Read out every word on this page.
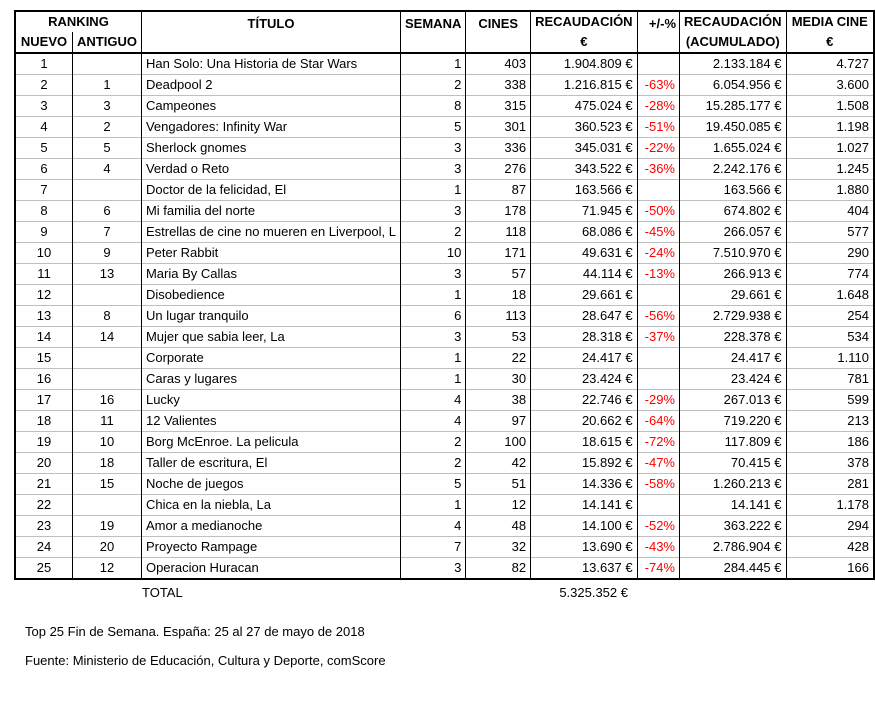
RANKING		TÍTULO	SEMANA	CINES	RECAUDACIÓN	+/-%	RECAUDACIÓN	MEDIA CINE
NUEVO	ANTIGUO				€		(ACUMULADO)	€
1		Han Solo: Una Historia de Star Wars	1	403	1.904.809 €		2.133.184 €	4.727
2	1	Deadpool 2	2	338	1.216.815 €	-63%	6.054.956 €	3.600
3	3	Campeones	8	315	475.024 €	-28%	15.285.177 €	1.508
4	2	Vengadores: Infinity War	5	301	360.523 €	-51%	19.450.085 €	1.198
5	5	Sherlock gnomes	3	336	345.031 €	-22%	1.655.024 €	1.027
6	4	Verdad o Reto	3	276	343.522 €	-36%	2.242.176 €	1.245
7		Doctor de la felicidad, El	1	87	163.566 €		163.566 €	1.880
8	6	Mi familia del norte	3	178	71.945 €	-50%	674.802 €	404
9	7	Estrellas de cine no mueren en Liverpool, L	2	118	68.086 €	-45%	266.057 €	577
10	9	Peter Rabbit	10	171	49.631 €	-24%	7.510.970 €	290
11	13	Maria By Callas	3	57	44.114 €	-13%	266.913 €	774
12		Disobedience	1	18	29.661 €		29.661 €	1.648
13	8	Un lugar tranquilo	6	113	28.647 €	-56%	2.729.938 €	254
14	14	Mujer que sabia leer, La	3	53	28.318 €	-37%	228.378 €	534
15		Corporate	1	22	24.417 €		24.417 €	1.110
16		Caras y lugares	1	30	23.424 €		23.424 €	781
17	16	Lucky	4	38	22.746 €	-29%	267.013 €	599
18	11	12 Valientes	4	97	20.662 €	-64%	719.220 €	213
19	10	Borg McEnroe. La pelicula	2	100	18.615 €	-72%	117.809 €	186
20	18	Taller de escritura, El	2	42	15.892 €	-47%	70.415 €	378
21	15	Noche de juegos	5	51	14.336 €	-58%	1.260.213 €	281
22		Chica en la niebla, La	1	12	14.141 €		14.141 €	1.178
23	19	Amor a medianoche	4	48	14.100 €	-52%	363.222 €	294
24	20	Proyecto Rampage	7	32	13.690 €	-43%	2.786.904 €	428
25	12	Operacion Huracan	3	82	13.637 €	-74%	284.445 €	166
TOTAL	5.325.352 €

Top 25 Fin de Semana. España: 25 al 27 de mayo de 2018

Fuente: Ministerio de Educación, Cultura y Deporte, comScore
